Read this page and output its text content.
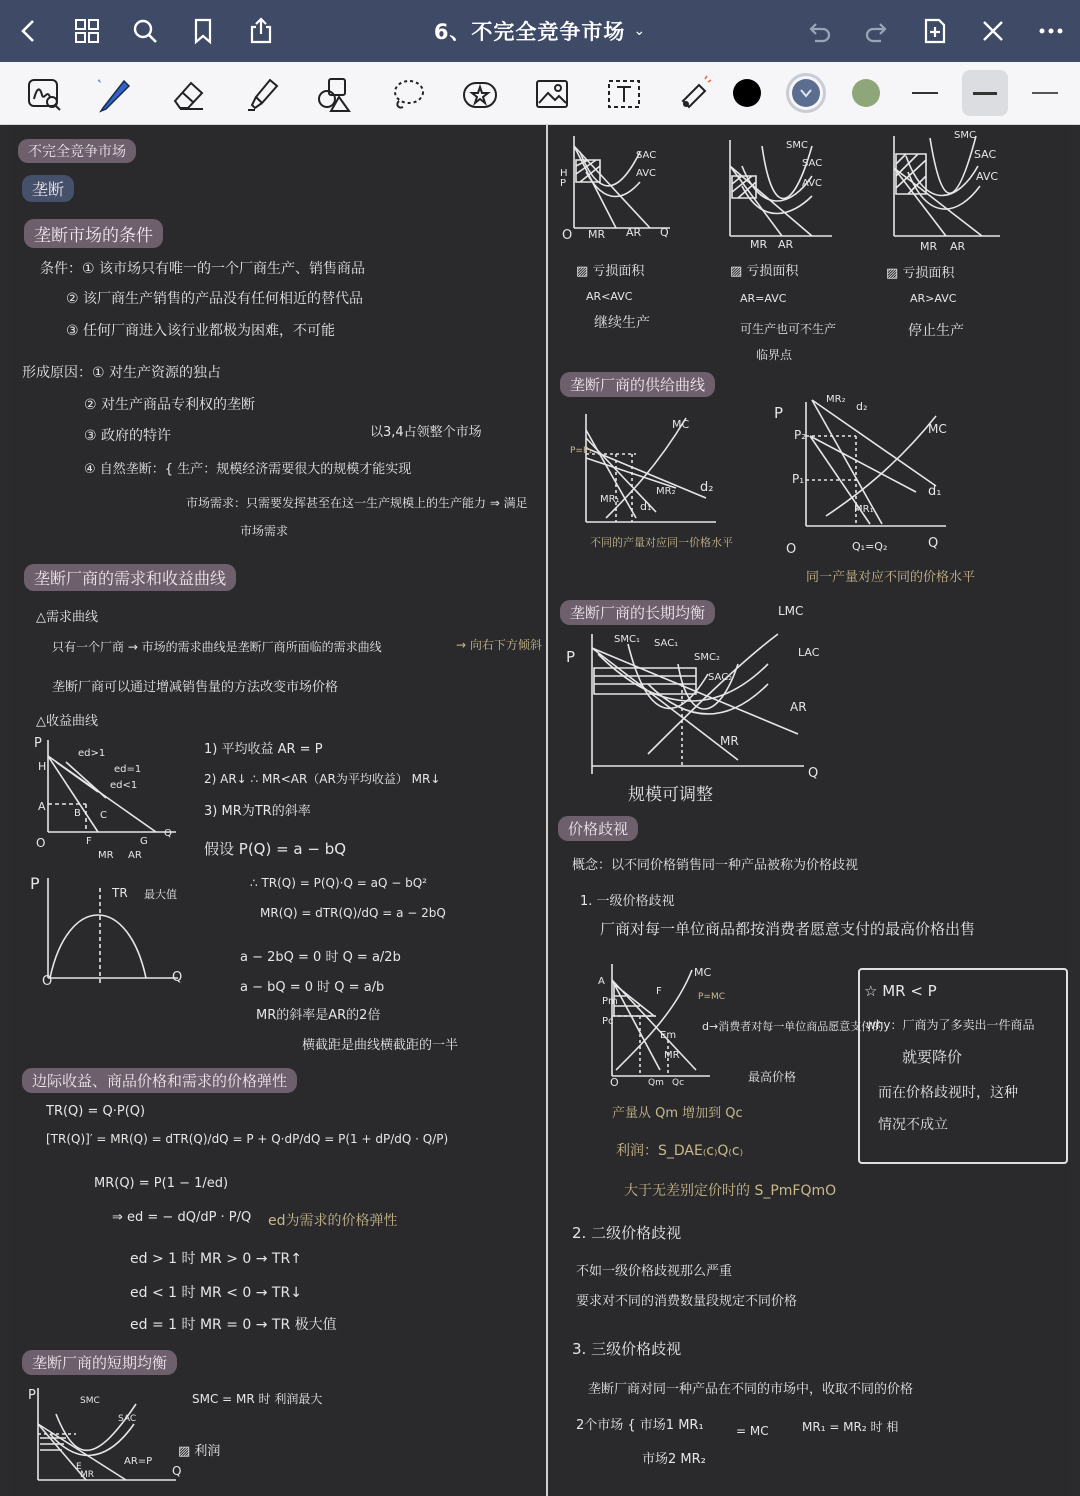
6、不完全竞争市场 ⌄
不完全竞争市场
垄断
垄断市场的条件
条件：① 该市场只有唯一的一个厂商生产、销售商品
② 该厂商生产销售的产品没有任何相近的替代品
③ 任何厂商进入该行业都极为困难，不可能
形成原因：① 对生产资源的独占
② 对生产商品专利权的垄断
③ 政府的特许	以3,4占领整个市场
④ 自然垄断：{ 生产：规模经济需要很大的规模才能实现
市场需求：只需要发挥甚至在这一生产规模上的生产能力 ⇒ 满足
市场需求
垄断厂商的需求和收益曲线
△需求曲线
只有一个厂商 → 市场的需求曲线是垄断厂商所面临的需求曲线	→ 向右下方倾斜
垄断厂商可以通过增减销售量的方法改变市场价格
△收益曲线
P
H
A
O
ed>1
ed=1
ed<1
B C
F	G
Q
MR AR
1) 平均收益 AR = P
2) AR↓ ∴ MR<AR（AR为平均收益） MR↓
3) MR为TR的斜率
假设 P(Q) = a − bQ
P	TR 最大值
O	Q
∴ TR(Q) = P(Q)·Q = aQ − bQ²
MR(Q) = dTR(Q)/dQ = a − 2bQ
a − 2bQ = 0 时 Q = a/2b
a − bQ = 0 时 Q = a/b
MR的斜率是AR的2倍
横截距是曲线横截距的一半
边际收益、商品价格和需求的价格弹性
TR(Q) = Q·P(Q)
[TR(Q)]′ = MR(Q) = dTR(Q)/dQ = P + Q·dP/dQ = P(1 + dP/dQ · Q/P)
MR(Q) = P(1 − 1/ed)
⇒ ed = − dQ/dP · P/Q ed为需求的价格弹性
ed > 1 时 MR > 0 → TR↑
ed < 1 时 MR < 0 → TR↓
ed = 1 时 MR = 0 → TR 极大值
垄断厂商的短期均衡
P	SMC
SAC
AR=P
E
MR	Q
SMC = MR 时 利润最大
▨ 利润
SAC
AVC
H
P
O MR AR Q
▨ 亏损面积
AR<AVC
继续生产
SMC
SAC
AVC
MR AR
▨ 亏损面积
AR=AVC
可生产也可不生产
临界点
SMC
SAC
AVC
MR AR
▨ 亏损面积
AR>AVC
停止生产
垄断厂商的供给曲线
P=P₁
MC
d₂
d₁
MR₂
MR₁
不同的产量对应同一价格水平
P
P₂
P₁
MR₂
d₂
MC
d₁
MR₁
O	Q₁=Q₂	Q
同一产量对应不同的价格水平
垄断厂商的长期均衡
P
SMC₁ SAC₁
SMC₂
SAC₂
LMC
LAC
AR
MR
Q
规模可调整
价格歧视
概念：以不同价格销售同一种产品被称为价格歧视
1. 一级价格歧视
厂商对每一单位商品都按消费者愿意支付的最高价格出售
A
Pm
Pc
F
MC
P=MC
Em
MR
O	Qm Qc
d→消费者对每一单位商品愿意支付的
最高价格
产量从 Qm 增加到 Qc
利润：S_DAE₍c₎Q₍c₎
大于无差别定价时的 S_PmFQmO
☆ MR < P
why：厂商为了多卖出一件商品
就要降价
而在价格歧视时，这种
情况不成立
2. 二级价格歧视
不如一级价格歧视那么严重
要求对不同的消费数量段规定不同价格
3. 三级价格歧视
垄断厂商对同一种产品在不同的市场中，收取不同的价格
2个市场 { 市场1 MR₁
市场2 MR₂
= MC	MR₁ = MR₂ 时 相
